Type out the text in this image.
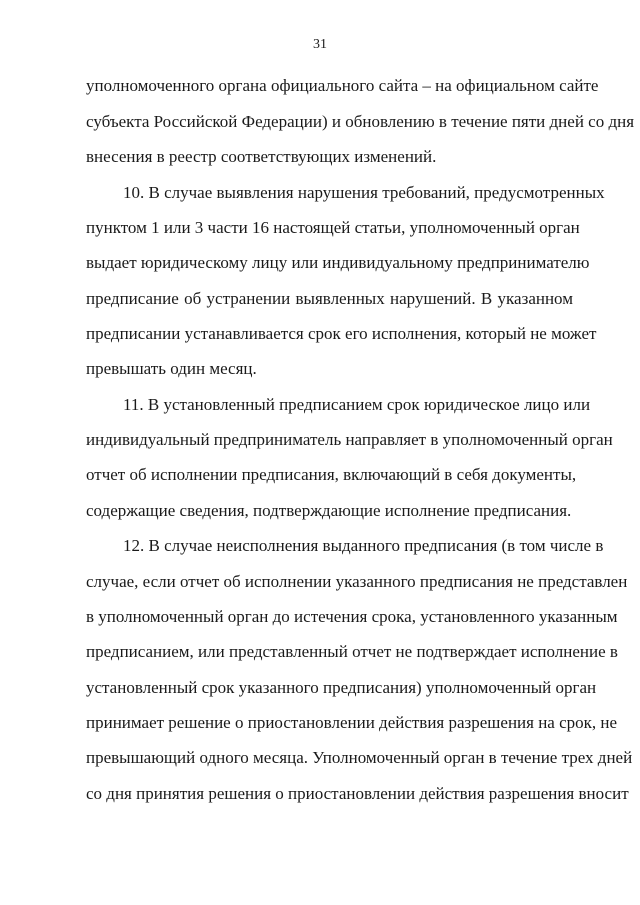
31
уполномоченного органа официального сайта – на официальном сайте
субъекта Российской Федерации) и обновлению в течение пяти дней со дня
внесения в реестр соответствующих изменений.
10. В случае выявления нарушения требований, предусмотренных
пунктом 1 или 3 части 16 настоящей статьи, уполномоченный орган
выдает юридическому лицу или индивидуальному предпринимателю
предписание об устранении выявленных нарушений. В указанном
предписании устанавливается срок его исполнения, который не может
превышать один месяц.
11. В установленный предписанием срок юридическое лицо или
индивидуальный предприниматель направляет в уполномоченный орган
отчет об исполнении предписания, включающий в себя документы,
содержащие сведения, подтверждающие исполнение предписания.
12. В случае неисполнения выданного предписания (в том числе в
случае, если отчет об исполнении указанного предписания не представлен
в уполномоченный орган до истечения срока, установленного указанным
предписанием, или представленный отчет не подтверждает исполнение в
установленный срок указанного предписания) уполномоченный орган
принимает решение о приостановлении действия разрешения на срок, не
превышающий одного месяца. Уполномоченный орган в течение трех дней
со дня принятия решения о приостановлении действия разрешения вносит
